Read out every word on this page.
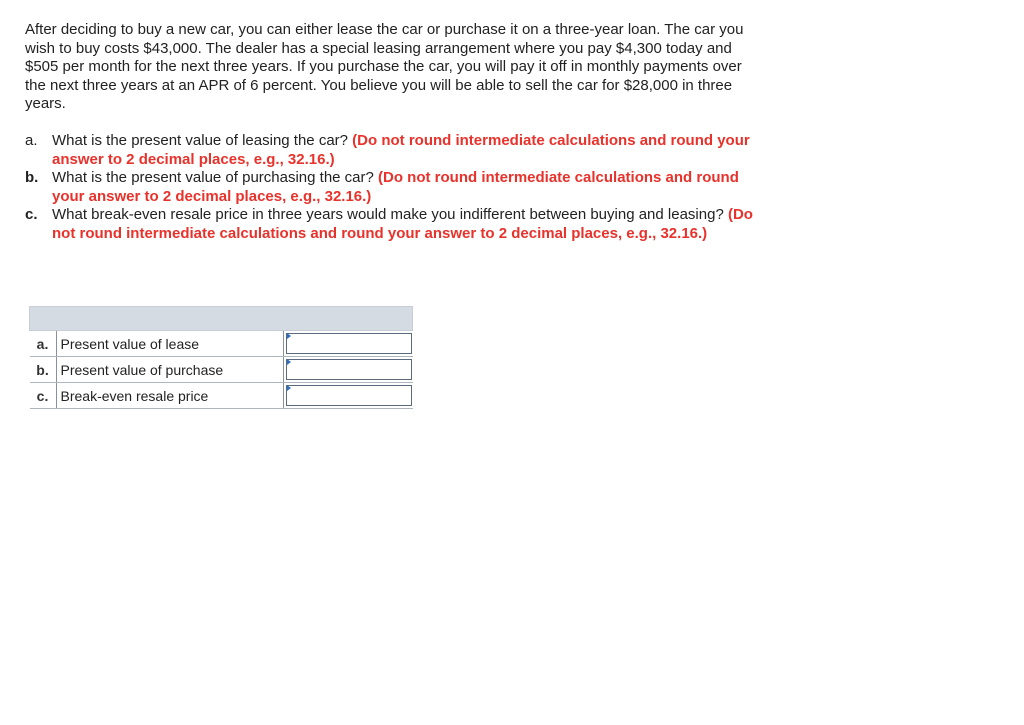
After deciding to buy a new car, you can either lease the car or purchase it on a three-year loan. The car you wish to buy costs $43,000. The dealer has a special leasing arrangement where you pay $4,300 today and $505 per month for the next three years. If you purchase the car, you will pay it off in monthly payments over the next three years at an APR of 6 percent. You believe you will be able to sell the car for $28,000 in three years.

a. What is the present value of leasing the car? (Do not round intermediate calculations and round your answer to 2 decimal places, e.g., 32.16.)
b. What is the present value of purchasing the car? (Do not round intermediate calculations and round your answer to 2 decimal places, e.g., 32.16.)
c. What break-even resale price in three years would make you indifferent between buying and leasing? (Do not round intermediate calculations and round your answer to 2 decimal places, e.g., 32.16.)

a.	Present value of lease	

b.	Present value of purchase	

c.	Break-even resale price	
